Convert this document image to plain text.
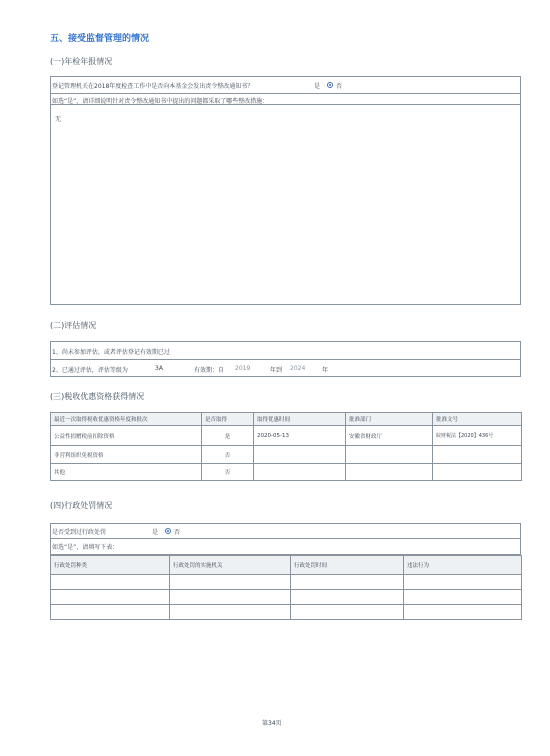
五、接受监督管理的情况
(一)年检年报情况
登记管理机关在2018年度检查工作中是否向本基金会发出责令整改通知书？	是	否
如选“是”，请详细说明针对责令整改通知书中提出的问题都采取了哪些整改措施：
无
(二)评估情况
1、尚未参加评估，或者评估登记有效期已过
2、已通过评估，评估等级为	3A	有效期：自 2019	年到 2024	年
(三)税收优惠资格获得情况
最近一次取得税收优惠资格年度和批次	是否取得	取得优惠时间	批准部门	批准文号
公益性捐赠税前扣除资格	是	2020-05-13	安徽省财政厅	皖财税法【2020】436号
非营利组织免税资格	否			
其他	否			
(四)行政处罚情况
是否受到过行政处罚	是	否
如选“是”，请填写下表：
行政处罚种类	行政处罚的实施机关	行政处罚时间	违法行为

第34页
